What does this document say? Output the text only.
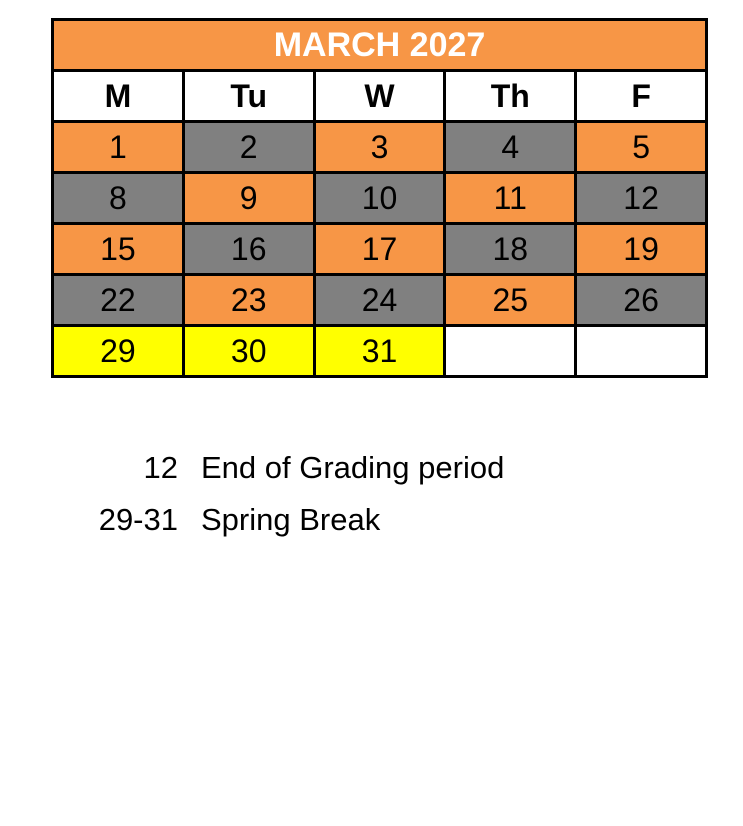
MARCH 2027				
M	Tu	W	Th	F
1	2	3	4	5
8	9	10	11	12
15	16	17	18	19
22	23	24	25	26
29	30	31		
12 End of Grading period
29-31 Spring Break
